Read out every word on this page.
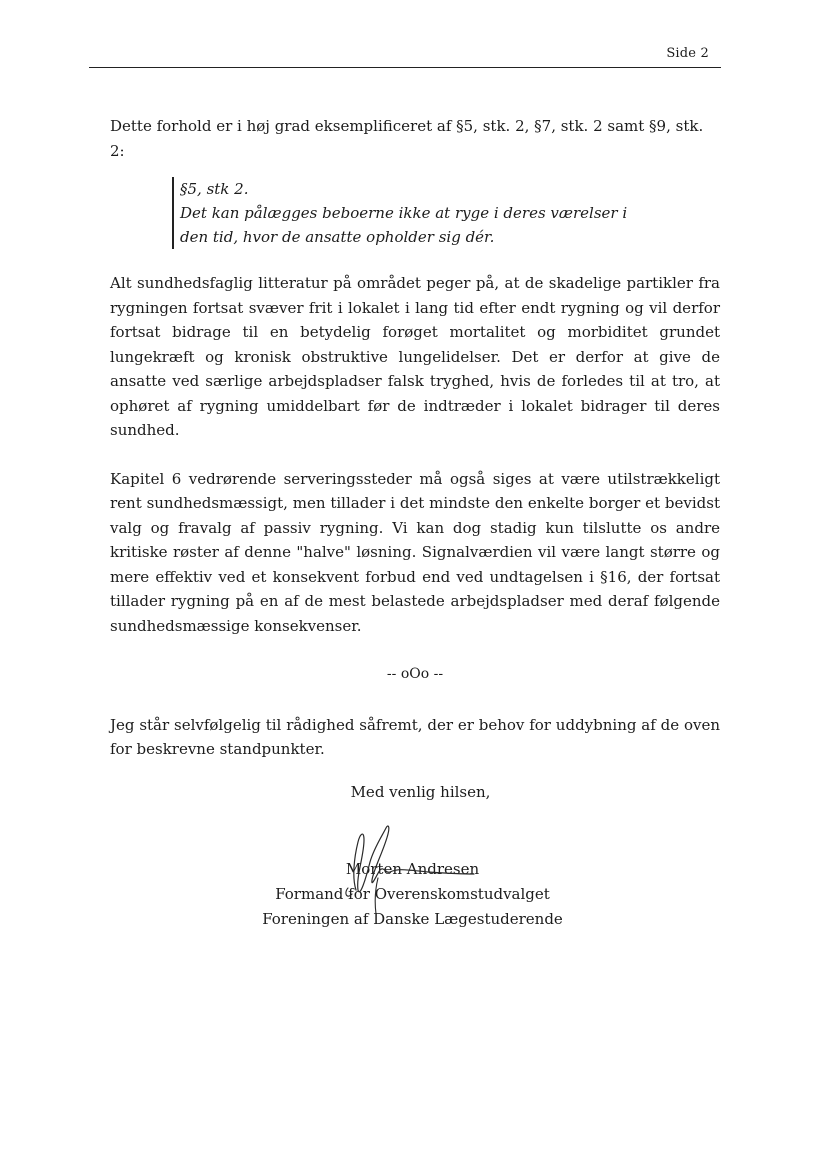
Side 2

Dette forhold er i høj grad eksemplificeret af §5, stk. 2, §7, stk. 2 samt §9, stk. 2:

§5, stk 2.
Det kan pålægges beboerne ikke at ryge i deres værelser i
den tid, hvor de ansatte opholder sig dér.

Alt sundhedsfaglig litteratur på området peger på, at de skadelige partikler fra rygningen fortsat svæver frit i lokalet i lang tid efter endt rygning og vil derfor fortsat bidrage til en betydelig forøget mortalitet og morbiditet grundet lungekræft og kronisk obstruktive lungelidelser. Det er derfor at give de ansatte ved særlige arbejdspladser falsk tryghed, hvis de forledes til at tro, at ophøret af rygning umiddelbart før de indtræder i lokalet bidrager til deres sundhed.

Kapitel 6 vedrørende serveringssteder må også siges at være utilstrækkeligt rent sundhedsmæssigt, men tillader i det mindste den enkelte borger et bevidst valg og fravalg af passiv rygning. Vi kan dog stadig kun tilslutte os andre kritiske røster af denne "halve" løsning. Signalværdien vil være langt større og mere effektiv ved et konsekvent forbud end ved undtagelsen i §16, der fortsat tillader rygning på en af de mest belastede arbejdspladser med deraf følgende sundhedsmæssige konsekvenser.

-- oOo --

Jeg står selvfølgelig til rådighed såfremt, der er behov for uddybning af de oven for beskrevne standpunkter.

Med venlig hilsen,
Morten Andresen
Formand for Overenskomstudvalget
Foreningen af Danske Lægestuderende
